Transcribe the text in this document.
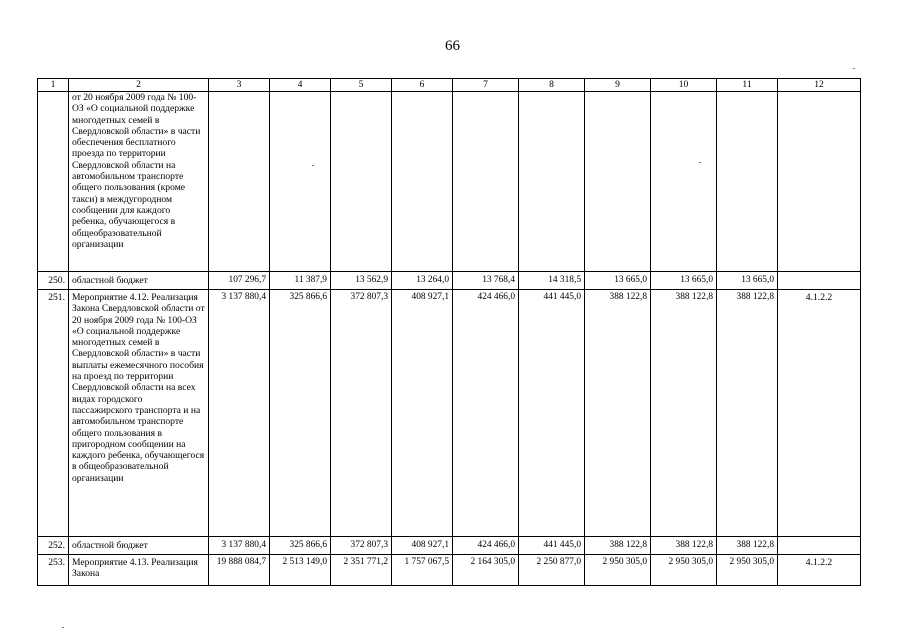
66
1	2	3	4	5	6	7	8	9	10	11	12
	от 20 ноября 2009 года № 100-ОЗ «О социальной поддержке многодетных семей в Свердловской области» в части обеспечения бесплатного проезда по территории Свердловской области на автомобильном транспорте общего пользования (кроме такси) в междугородном сообщении для каждого ребенка, обучающегося в общеобразовательной организации										
250.	областной бюджет	107 296,7	11 387,9	13 562,9	13 264,0	13 768,4	14 318,5	13 665,0	13 665,0	13 665,0	
251.	Мероприятие 4.12. Реализация Закона Свердловской области от 20 ноября 2009 года № 100-ОЗ «О социальной поддержке многодетных семей в Свердловской области» в части выплаты ежемесячного пособия на проезд по территории Свердловской области на всех видах городского пассажирского транспорта и на автомобильном транспорте общего пользования в пригородном сообщении на каждого ребенка, обучающегося в общеобразовательной организации	3 137 880,4	325 866,6	372 807,3	408 927,1	424 466,0	441 445,0	388 122,8	388 122,8	388 122,8	4.1.2.2
252.	областной бюджет	3 137 880,4	325 866,6	372 807,3	408 927,1	424 466,0	441 445,0	388 122,8	388 122,8	388 122,8	
253.	Мероприятие 4.13. Реализация Закона	19 888 084,7	2 513 149,0	2 351 771,2	1 757 067,5	2 164 305,0	2 250 877,0	2 950 305,0	2 950 305,0	2 950 305,0	4.1.2.2
